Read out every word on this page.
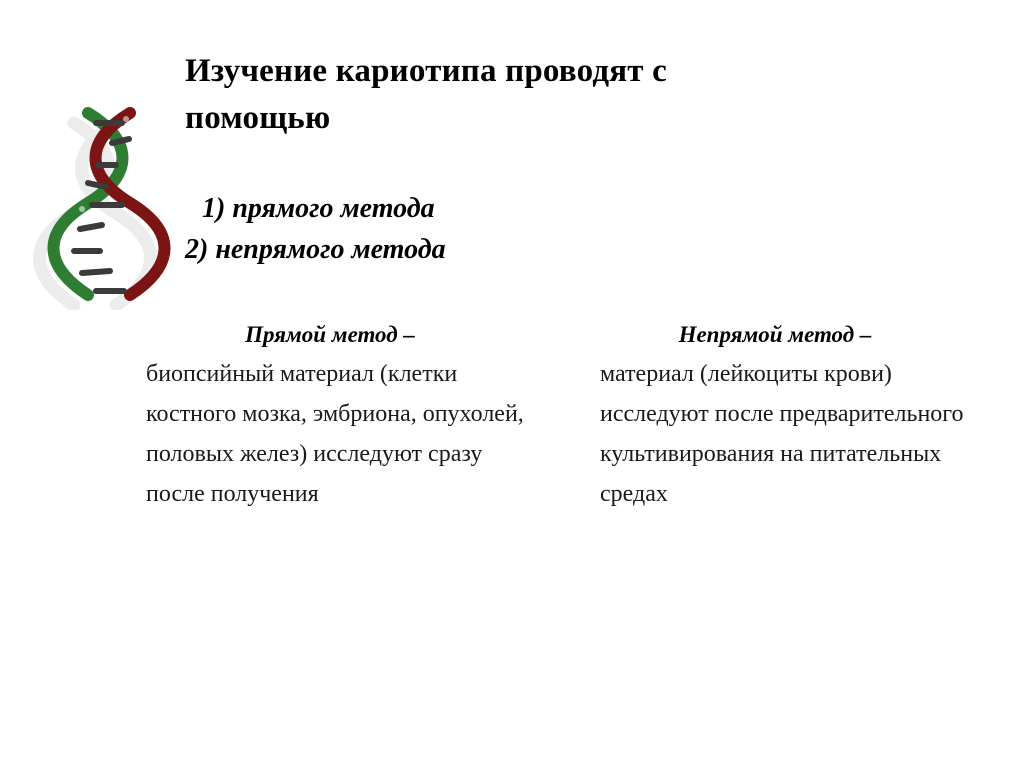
Изучение кариотипа проводят с
помощью
1) прямого метода
2) непрямого метода
Прямой метод –
биопсийный материал (клетки костного мозка, эмбриона, опухолей, половых желез) исследуют сразу после получения
Непрямой метод –
материал (лейкоциты крови) исследуют после предварительного культивирования на питательных средах
